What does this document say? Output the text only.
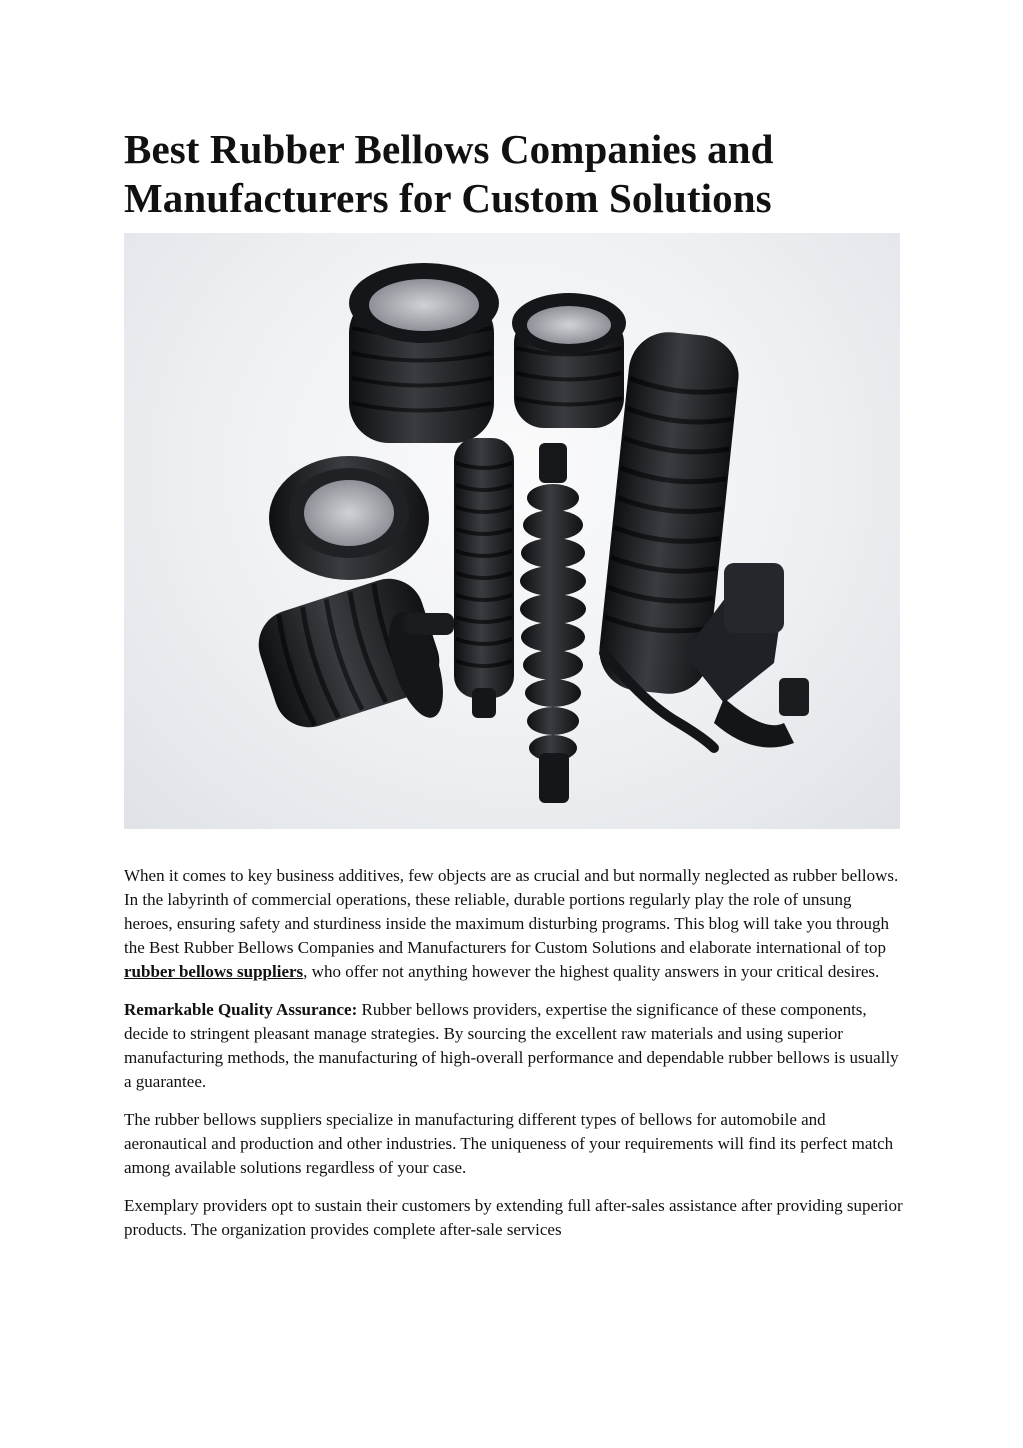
Best Rubber Bellows Companies and Manufacturers for Custom Solutions

When it comes to key business additives, few objects are as crucial and but normally neglected as rubber bellows. In the labyrinth of commercial operations, these reliable, durable portions regularly play the role of unsung heroes, ensuring safety and sturdiness inside the maximum disturbing programs. This blog will take you through the Best Rubber Bellows Companies and Manufacturers for Custom Solutions and elaborate international of top rubber bellows suppliers, who offer not anything however the highest quality answers in your critical desires.

Remarkable Quality Assurance: Rubber bellows providers, expertise the significance of these components, decide to stringent pleasant manage strategies. By sourcing the excellent raw materials and using superior manufacturing methods, the manufacturing of high-overall performance and dependable rubber bellows is usually a guarantee.

The rubber bellows suppliers specialize in manufacturing different types of bellows for automobile and aeronautical and production and other industries. The uniqueness of your requirements will find its perfect match among available solutions regardless of your case.

Exemplary providers opt to sustain their customers by extending full after-sales assistance after providing superior products. The organization provides complete after-sale services
